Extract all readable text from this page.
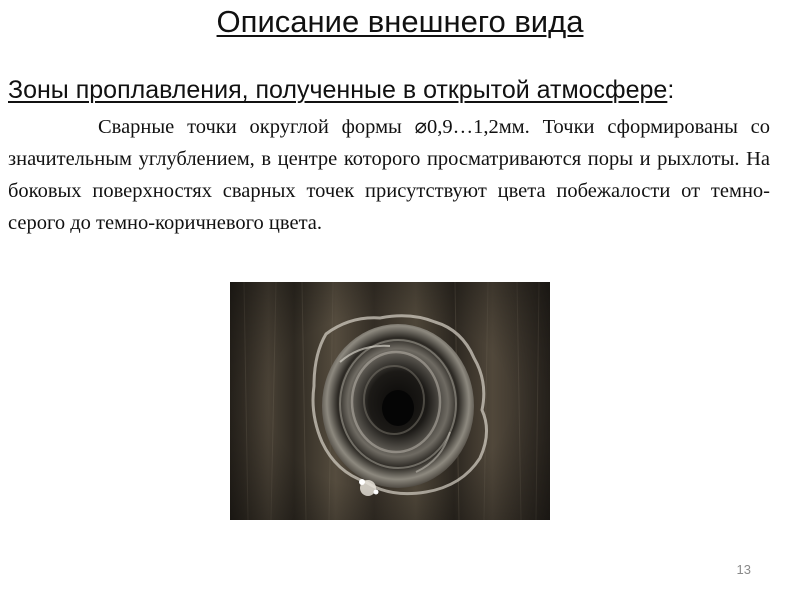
Описание внешнего вида
Зоны проплавления, полученные в открытой атмосфере:

Сварные точки округлой формы ⌀0,9…1,2мм. Точки сформированы со значительным углублением, в центре которого просматриваются поры и рыхлоты. На боковых поверхностях сварных точек присутствуют цвета побежалости от темно-серого до темно-коричневого цвета.

13
